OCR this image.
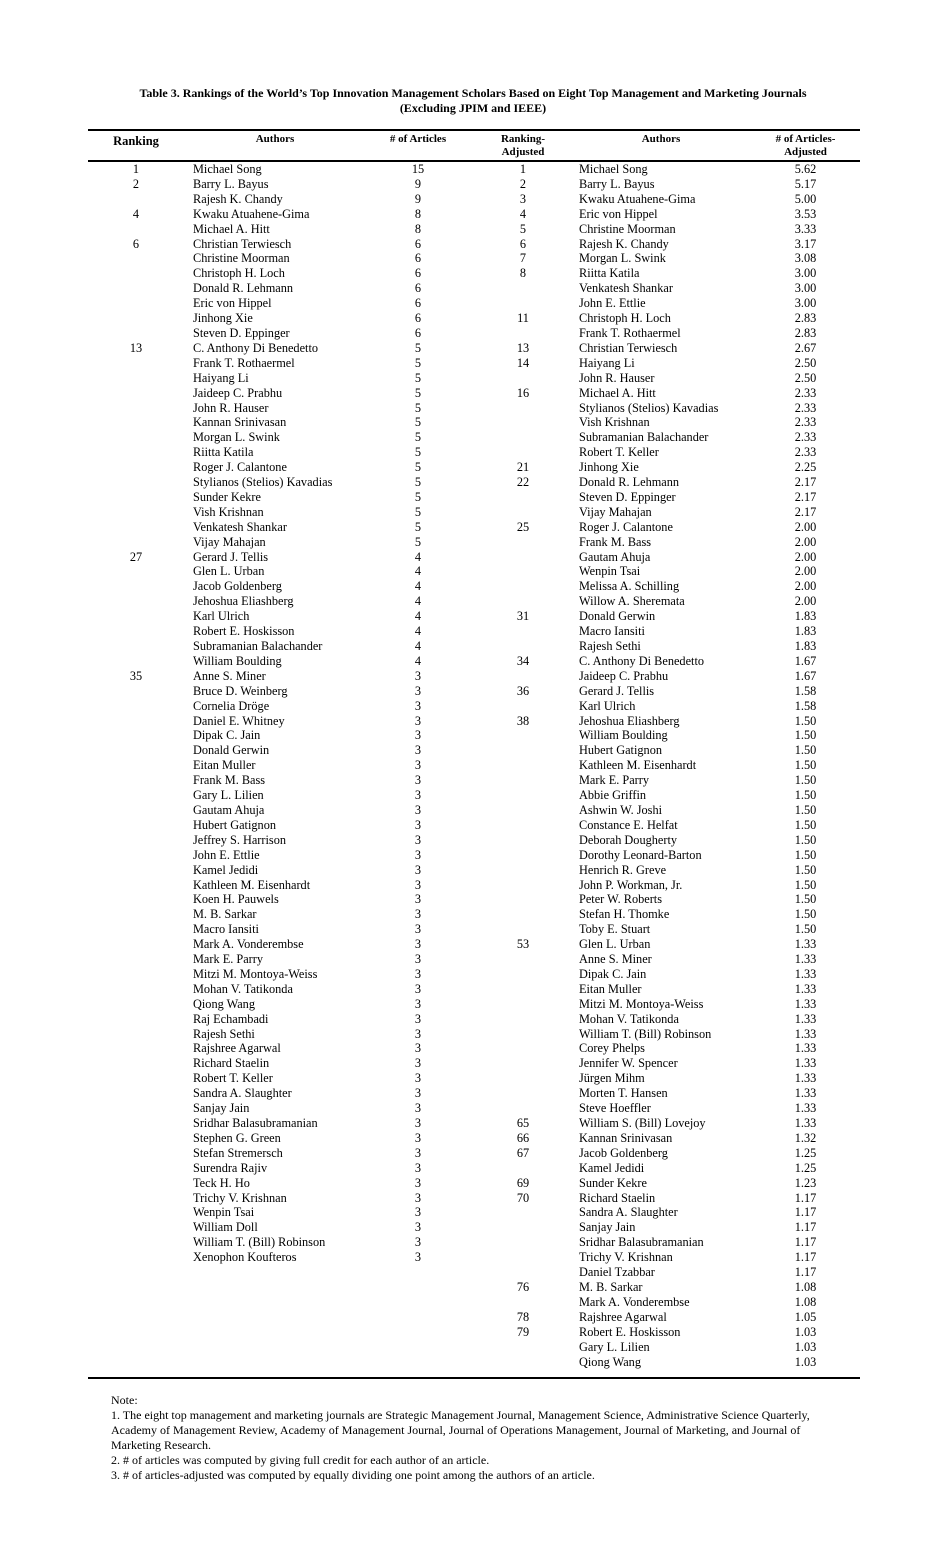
Table 3. Rankings of the World’s Top Innovation Management Scholars Based on Eight Top Management and Marketing Journals
(Excluding JPIM and IEEE)
Ranking	Authors	# of Articles	Ranking-
Adjusted
Authors	# of Articles-
Adjusted
1	Michael Song	15	1	Michael Song	5.62
2	Barry L. Bayus	9	2	Barry L. Bayus	5.17
Rajesh K. Chandy	9	3	Kwaku Atuahene-Gima	5.00
4	Kwaku Atuahene-Gima	8	4	Eric von Hippel	3.53
Michael A. Hitt	8	5	Christine Moorman	3.33
6	Christian Terwiesch	6	6	Rajesh K. Chandy	3.17
Christine Moorman	6	7	Morgan L. Swink	3.08
Christoph H. Loch	6	8	Riitta Katila	3.00
Donald R. Lehmann	6	Venkatesh Shankar	3.00
Eric von Hippel	6	John E. Ettlie	3.00
Jinhong Xie	6	11	Christoph H. Loch	2.83
Steven D. Eppinger	6	Frank T. Rothaermel	2.83
13	C. Anthony Di Benedetto	5	13	Christian Terwiesch	2.67
Frank T. Rothaermel	5	14	Haiyang Li	2.50
Haiyang Li	5	John R. Hauser	2.50
Jaideep C. Prabhu	5	16	Michael A. Hitt	2.33
John R. Hauser	5	Stylianos (Stelios) Kavadias	2.33
Kannan Srinivasan	5	Vish Krishnan	2.33
Morgan L. Swink	5	Subramanian Balachander	2.33
Riitta Katila	5	Robert T. Keller	2.33
Roger J. Calantone	5	21	Jinhong Xie	2.25
Stylianos (Stelios) Kavadias	5	22	Donald R. Lehmann	2.17
Sunder Kekre	5	Steven D. Eppinger	2.17
Vish Krishnan	5	Vijay Mahajan	2.17
Venkatesh Shankar	5	25	Roger J. Calantone	2.00
Vijay Mahajan	5	Frank M. Bass	2.00
27	Gerard J. Tellis	4	Gautam Ahuja	2.00
Glen L. Urban	4	Wenpin Tsai	2.00
Jacob Goldenberg	4	Melissa A. Schilling	2.00
Jehoshua Eliashberg	4	Willow A. Sheremata	2.00
Karl Ulrich	4	31	Donald Gerwin	1.83
Robert E. Hoskisson	4	Macro Iansiti	1.83
Subramanian Balachander	4	Rajesh Sethi	1.83
William Boulding	4	34	C. Anthony Di Benedetto	1.67
35	Anne S. Miner	3	Jaideep C. Prabhu	1.67
Bruce D. Weinberg	3	36	Gerard J. Tellis	1.58
Cornelia Dröge	3	Karl Ulrich	1.58
Daniel E. Whitney	3	38	Jehoshua Eliashberg	1.50
Dipak C. Jain	3	William Boulding	1.50
Donald Gerwin	3	Hubert Gatignon	1.50
Eitan Muller	3	Kathleen M. Eisenhardt	1.50
Frank M. Bass	3	Mark E. Parry	1.50
Gary L. Lilien	3	Abbie Griffin	1.50
Gautam Ahuja	3	Ashwin W. Joshi	1.50
Hubert Gatignon	3	Constance E. Helfat	1.50
Jeffrey S. Harrison	3	Deborah Dougherty	1.50
John E. Ettlie	3	Dorothy Leonard-Barton	1.50
Kamel Jedidi	3	Henrich R. Greve	1.50
Kathleen M. Eisenhardt	3	John P. Workman, Jr.	1.50
Koen H. Pauwels	3	Peter W. Roberts	1.50
M. B. Sarkar	3	Stefan H. Thomke	1.50
Macro Iansiti	3	Toby E. Stuart	1.50
Mark A. Vonderembse	3	53	Glen L. Urban	1.33
Mark E. Parry	3	Anne S. Miner	1.33
Mitzi M. Montoya-Weiss	3	Dipak C. Jain	1.33
Mohan V. Tatikonda	3	Eitan Muller	1.33
Qiong Wang	3	Mitzi M. Montoya-Weiss	1.33
Raj Echambadi	3	Mohan V. Tatikonda	1.33
Rajesh Sethi	3	William T. (Bill) Robinson	1.33
Rajshree Agarwal	3	Corey Phelps	1.33
Richard Staelin	3	Jennifer W. Spencer	1.33
Robert T. Keller	3	Jürgen Mihm	1.33
Sandra A. Slaughter	3	Morten T. Hansen	1.33
Sanjay Jain	3	Steve Hoeffler	1.33
Sridhar Balasubramanian	3	65	William S. (Bill) Lovejoy	1.33
Stephen G. Green	3	66	Kannan Srinivasan	1.32
Stefan Stremersch	3	67	Jacob Goldenberg	1.25
Surendra Rajiv	3	Kamel Jedidi	1.25
Teck H. Ho	3	69	Sunder Kekre	1.23
Trichy V. Krishnan	3	70	Richard Staelin	1.17
Wenpin Tsai	3	Sandra A. Slaughter	1.17
William Doll	3	Sanjay Jain	1.17
William T. (Bill) Robinson	3	Sridhar Balasubramanian	1.17
Xenophon Koufteros	3	Trichy V. Krishnan	1.17
Daniel Tzabbar	1.17
76	M. B. Sarkar	1.08
Mark A. Vonderembse	1.08
78	Rajshree Agarwal	1.05
79	Robert E. Hoskisson	1.03
Gary L. Lilien	1.03
Qiong Wang	1.03

Note:

1. The eight top management and marketing journals are Strategic Management Journal, Management Science, Administrative Science Quarterly, Academy of Management Review, Academy of Management Journal, Journal of Operations Management, Journal of Marketing, and Journal of Marketing Research.

2. # of articles was computed by giving full credit for each author of an article.

3. # of articles-adjusted was computed by equally dividing one point among the authors of an article.
